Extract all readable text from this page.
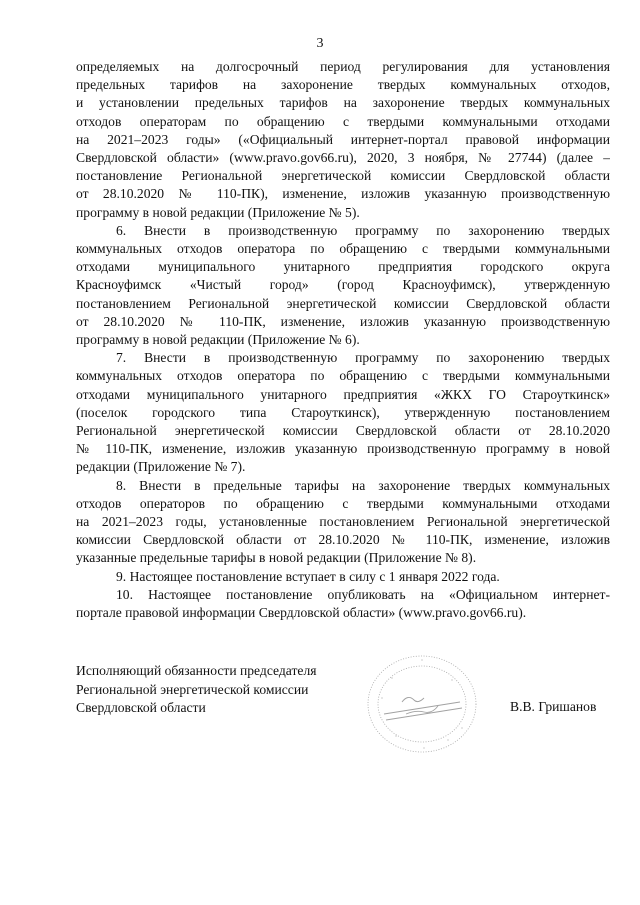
3
определяемых на долгосрочный период регулирования для установления
предельных тарифов на захоронение твердых коммунальных отходов,
и установлении предельных тарифов на захоронение твердых коммунальных
отходов операторам по обращению с твердыми коммунальными отходами
на 2021–2023 годы» («Официальный интернет-портал правовой информации
Свердловской области» (www.pravo.gov66.ru), 2020, 3 ноября, № 27744) (далее –
постановление Региональной энергетической комиссии Свердловской области
от 28.10.2020 № 110-ПК), изменение, изложив указанную производственную
программу в новой редакции (Приложение № 5).
6. Внести в производственную программу по захоронению твердых
коммунальных отходов оператора по обращению с твердыми коммунальными
отходами муниципального унитарного предприятия городского округа
Красноуфимск «Чистый город» (город Красноуфимск), утвержденную
постановлением Региональной энергетической комиссии Свердловской области
от 28.10.2020 № 110-ПК, изменение, изложив указанную производственную
программу в новой редакции (Приложение № 6).
7. Внести в производственную программу по захоронению твердых
коммунальных отходов оператора по обращению с твердыми коммунальными
отходами муниципального унитарного предприятия «ЖКХ ГО Староуткинск»
(поселок городского типа Староуткинск), утвержденную постановлением
Региональной энергетической комиссии Свердловской области от 28.10.2020
№ 110-ПК, изменение, изложив указанную производственную программу в новой
редакции (Приложение № 7).
8. Внести в предельные тарифы на захоронение твердых коммунальных
отходов операторов по обращению с твердыми коммунальными отходами
на 2021–2023 годы, установленные постановлением Региональной энергетической
комиссии Свердловской области от 28.10.2020 № 110-ПК, изменение, изложив
указанные предельные тарифы в новой редакции (Приложение № 8).
9. Настоящее постановление вступает в силу с 1 января 2022 года.
10. Настоящее постановление опубликовать на «Официальном интернет-
портале правовой информации Свердловской области» (www.pravo.gov66.ru).
Исполняющий обязанности председателя
Региональной энергетической комиссии
Свердловской области	В.В. Гришанов
